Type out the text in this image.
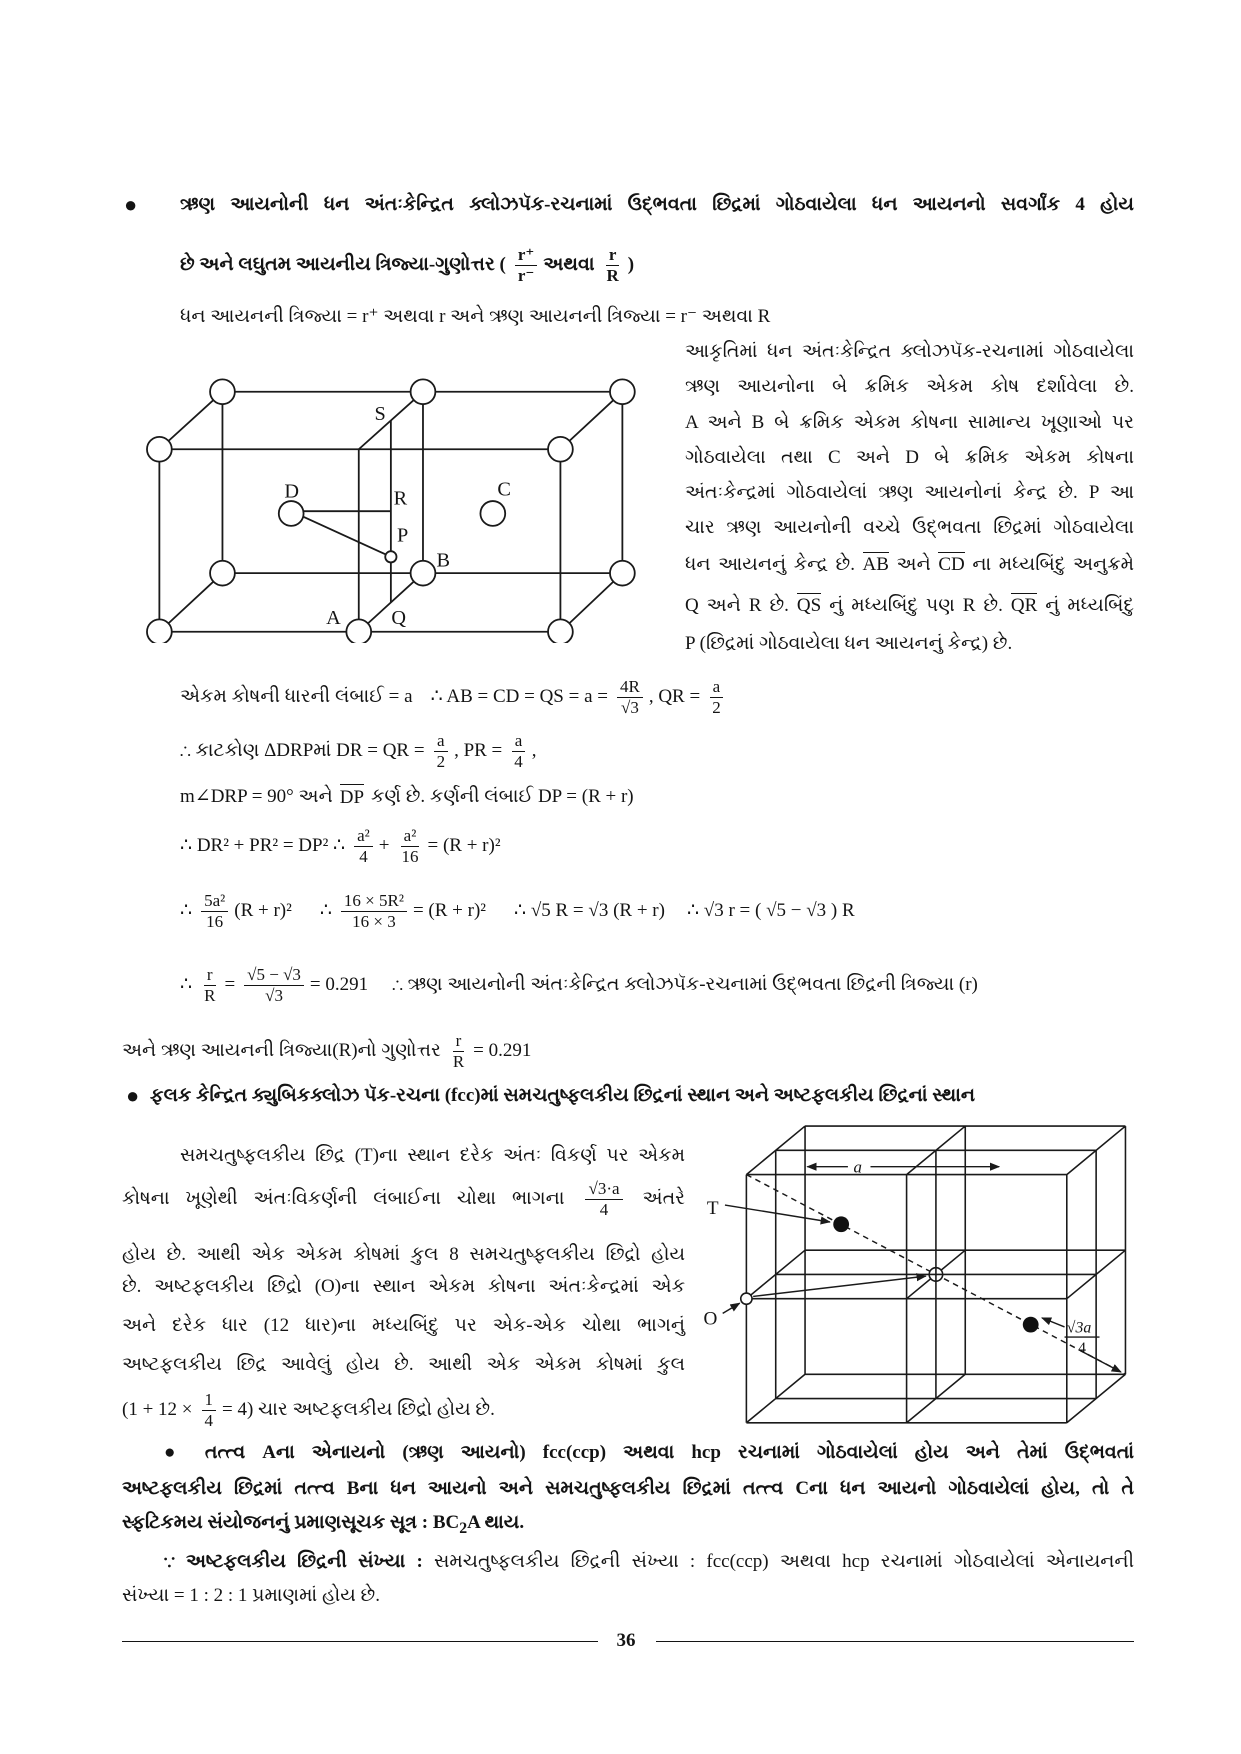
● ઋણ આયનોની ધન અંતઃકેન્દ્રિત ક્લોઝપૅક-રચનામાં ઉદ્‌ભવતા છિદ્રમાં ગોઠવાયેલા ધન આયનનો સવર્ગાંક 4 હોય
છે અને લઘુતમ આયનીય ત્રિજ્યા-ગુણોત્તર ( $\frac{r^+}{r^-}$ અથવા $\frac{r}{R}$ )
ધન આયનની ત્રિજ્યા = r⁺ અથવા r અને ઋણ આયનની ત્રિજ્યા = r⁻ અથવા R
S
D	R	C
P
B
A	Q
આકૃતિમાં ધન અંતઃકેન્દ્રિત ક્લોઝપૅક-રચનામાં ગોઠવાયેલા
ઋણ આયનોના બે ક્રમિક એકમ કોષ દર્શાવેલા છે.
A અને B બે ક્રમિક એકમ કોષના સામાન્ય ખૂણાઓ પર
ગોઠવાયેલા તથા C અને D બે ક્રમિક એકમ કોષના
અંતઃકેન્દ્રમાં ગોઠવાયેલાં ઋણ આયનોનાં કેન્દ્ર છે. P આ
ચાર ઋણ આયનોની વચ્ચે ઉદ્‌ભવતા છિદ્રમાં ગોઠવાયેલા
ધન આયનનું કેન્દ્ર છે. AB અને CD ના મધ્યબિંદુ અનુક્રમે
Q અને R છે. QS નું મધ્યબિંદુ પણ R છે. QR નું મધ્યબિંદુ
P (છિદ્રમાં ગોઠવાયેલા ધન આયનનું કેન્દ્ર) છે.
એકમ કોષની ધારની લંબાઈ = a ∴ AB = CD = QS = $a = \frac{4R}{√3}$ , QR = $\frac{a}{2}$
∴ કાટકોણ ΔDRPમાં DR = QR = $\frac{a}{2}$ , PR = $\frac{a}{4}$ ,
m∠DRP = 90° અને DP કર્ણ છે. કર્ણની લંબાઈ DP = (R + r)
∴ DR² + PR² = DP² ∴ $\frac{\text{a²}}{4} + \frac{\text{a²}}{16} = (R + r)^2$
∴ $\frac{\text{5a²}}{16} (R + r)^2$ ∴ $\frac{\text{16 × 5R²}}{16 \times 3} = (R + r)^2$ ∴ √5 R = √3 (R + r) ∴ √3 r = ( √5 − √3 ) R
∴ $\frac{r}{R} = \frac{√5 - √3}{√3} = 0.291$ ∴ ઋણ આયનોની અંતઃકેન્દ્રિત ક્લોઝપૅક-રચનામાં ઉદ્‌ભવતા છિદ્રની ત્રિજ્યા (r)
અને ઋણ આયનની ત્રિજ્યા(R)નો ગુણોત્તર $\frac{r}{R} = 0.291$
● ફલક કેન્દ્રિત ક્યુબિકક્લોઝ પૅક-રચના (fcc)માં સમચતુષ્ફલકીય છિદ્રનાં સ્થાન અને અષ્ટફલકીય છિદ્રનાં સ્થાન
સમચતુષ્ફલકીય છિદ્ર (T)ના સ્થાન દરેક અંતઃ વિકર્ણ પર એકમ
કોષના ખૂણેથી અંતઃવિકર્ણની લંબાઈના ચોથા ભાગના $\frac{√3\cdot a}{4}$ અંતરે
હોય છે. આથી એક એકમ કોષમાં કુલ 8 સમચતુષ્ફલકીય છિદ્રો હોય
છે. અષ્ટફલકીય છિદ્રો (O)ના સ્થાન એકમ કોષના અંતઃકેન્દ્રમાં એક
અને દરેક ધાર (12 ધાર)ના મધ્યબિંદુ પર એક-એક ચોથા ભાગનું
અષ્ટફલકીય છિદ્ર આવેલું હોય છે. આથી એક એકમ કોષમાં કુલ
$(1 + 12 \times \frac{1}{4} = 4)$ ચાર અષ્ટફલકીય છિદ્રો હોય છે.
a
T
O	√3a
4
● તત્ત્વ Aના એનાયનો (ઋણ આયનો) fcc(ccp) અથવા hcp રચનામાં ગોઠવાયેલાં હોય અને તેમાં ઉદ્‌ભવતાં
અષ્ટફલકીય છિદ્રમાં તત્ત્વ Bના ધન આયનો અને સમચતુષ્ફલકીય છિદ્રમાં તત્ત્વ Cના ધન આયનો ગોઠવાયેલાં હોય, તો તે
સ્ફટિકમય સંયોજનનું પ્રમાણસૂચક સૂત્ર : $BC_2A$ થાય.
∵ અષ્ટફલકીય છિદ્રની સંખ્યા : સમચતુષ્ફલકીય છિદ્રની સંખ્યા : fcc(ccp) અથવા hcp રચનામાં ગોઠવાયેલાં એનાયનની
સંખ્યા = 1 : 2 : 1 પ્રમાણમાં હોય છે.
36
